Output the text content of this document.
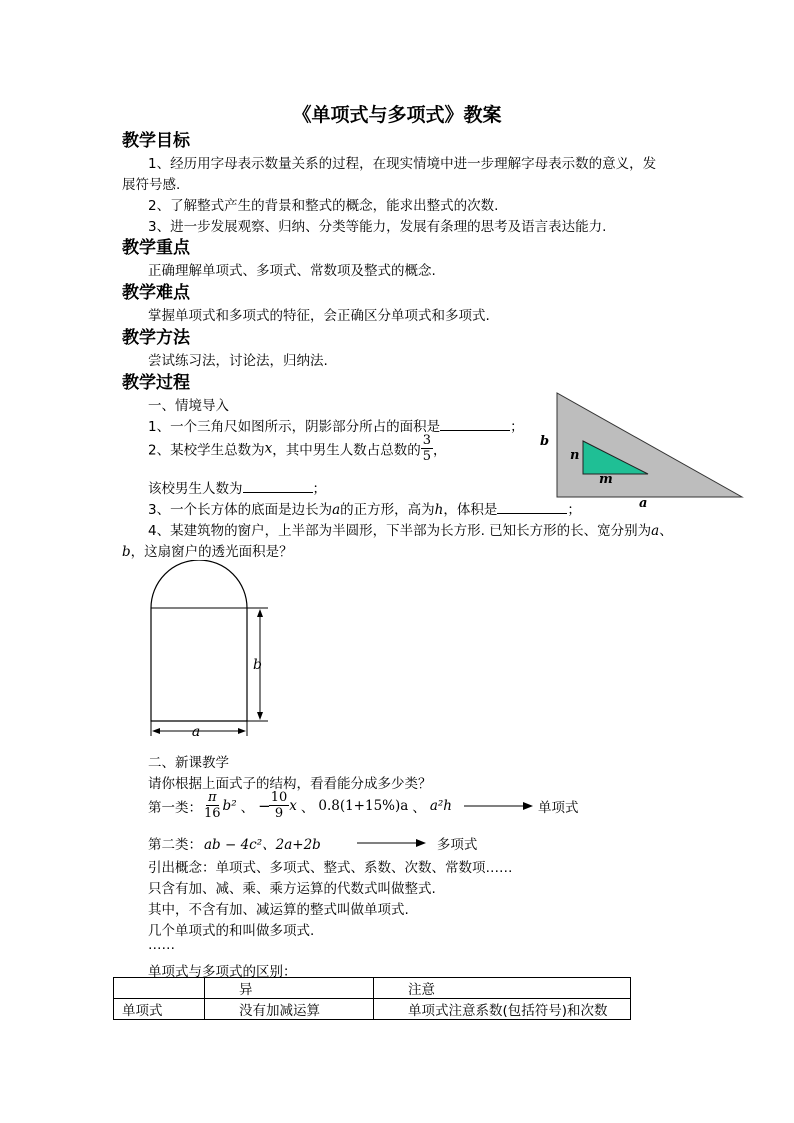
《单项式与多项式》教案
教学目标
1、经历用字母表示数量关系的过程，在现实情境中进一步理解字母表示数的意义，发
展符号感.
2、了解整式产生的背景和整式的概念，能求出整式的次数.
3、进一步发展观察、归纳、分类等能力，发展有条理的思考及语言表达能力.
教学重点
正确理解单项式、多项式、常数项及整式的概念.
教学难点
掌握单项式和多项式的特征，会正确区分单项式和多项式.
教学方法
尝试练习法，讨论法，归纳法.
教学过程
一、情境导入
1、一个三角尺如图所示，阴影部分所占的面积是	；
2、某校学生总数为x，其中男生人数占总数的 $\frac{3}{5}$ ，
该校男生人数为	；
3、一个长方体的底面是边长为a的正方形，高为h，体积是	；
4、某建筑物的窗户，上半部为半圆形，下半部为长方形. 已知长方形的长、宽分别为a、
b，这扇窗户的透光面积是？
b
n
m
a
b
a
二、新课教学
请你根据上面式子的结构，看看能分成多少类？
第一类： $\frac{\pi}{16} b^2$ 、 −
$\frac{10}{9}$ x 、 0.8(1+15%)a 、 a²h	单项式
第二类： ab − 4c²、2a+2b	多项式
引出概念：单项式、多项式、整式、系数、次数、常数项……
只含有加、减、乘、乘方运算的代数式叫做整式.
其中，不含有加、减运算的整式叫做单项式.
几个单项式的和叫做多项式.
……
单项式与多项式的区别：
	异	注意
单项式	没有加减运算	单项式注意系数(包括符号)和次数
